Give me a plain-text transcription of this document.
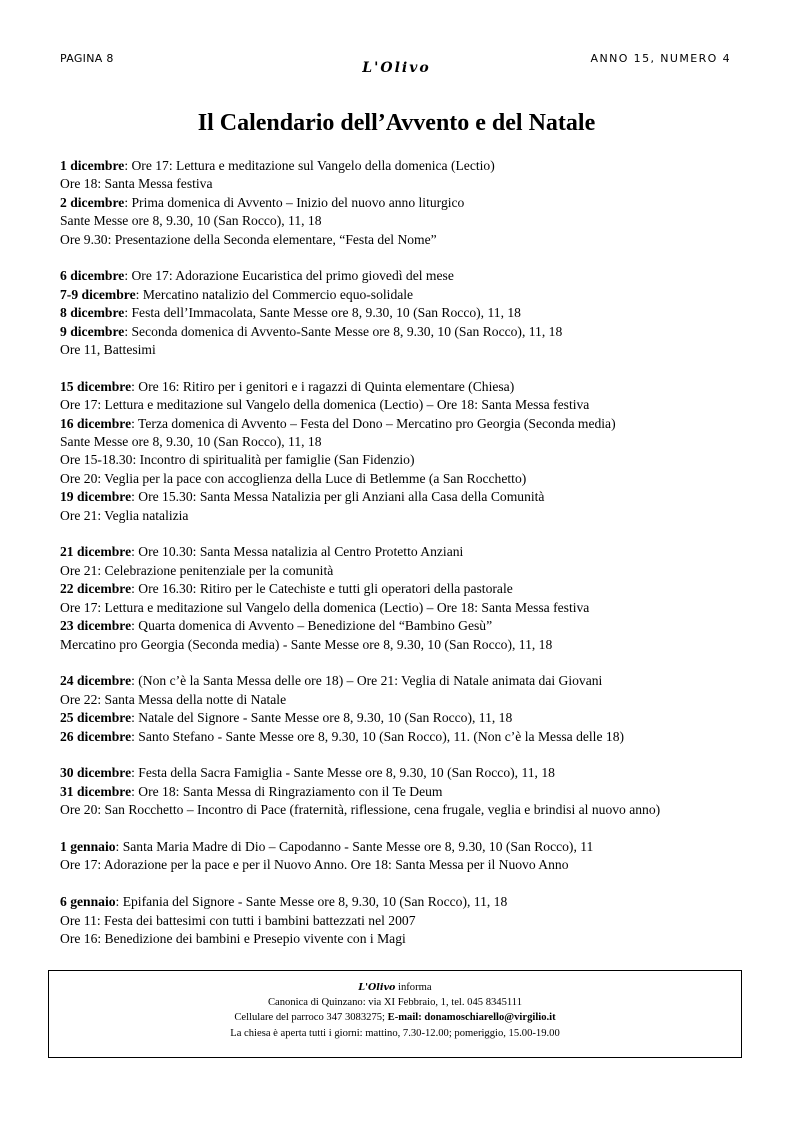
PAGINA 8
L'Olivo
ANNO 15, NUMERO 4
Il Calendario dell’Avvento e del Natale
1 dicembre: Ore 17: Lettura e meditazione sul Vangelo della domenica (Lectio)
Ore 18: Santa Messa festiva
2 dicembre: Prima domenica di Avvento – Inizio del nuovo anno liturgico
Sante Messe ore 8, 9.30, 10 (San Rocco), 11, 18
Ore 9.30: Presentazione della Seconda elementare, “Festa del Nome”
6 dicembre: Ore 17: Adorazione Eucaristica del primo giovedì del mese
7-9 dicembre: Mercatino natalizio del Commercio equo-solidale
8 dicembre: Festa dell’Immacolata, Sante Messe ore 8, 9.30, 10 (San Rocco), 11, 18
9 dicembre: Seconda domenica di Avvento-Sante Messe ore 8, 9.30, 10 (San Rocco), 11, 18
Ore 11, Battesimi
15 dicembre: Ore 16: Ritiro per i genitori e i ragazzi di Quinta elementare (Chiesa)
Ore 17: Lettura e meditazione sul Vangelo della domenica (Lectio) – Ore 18: Santa Messa festiva
16 dicembre: Terza domenica di Avvento – Festa del Dono – Mercatino pro Georgia (Seconda media)
Sante Messe ore 8, 9.30, 10 (San Rocco), 11, 18
Ore 15-18.30: Incontro di spiritualità per famiglie (San Fidenzio)
Ore 20: Veglia per la pace con accoglienza della Luce di Betlemme (a San Rocchetto)
19 dicembre: Ore 15.30: Santa Messa Natalizia per gli Anziani alla Casa della Comunità
Ore 21: Veglia natalizia
21 dicembre: Ore 10.30: Santa Messa natalizia al Centro Protetto Anziani
Ore 21: Celebrazione penitenziale per la comunità
22 dicembre: Ore 16.30: Ritiro per le Catechiste e tutti gli operatori della pastorale
Ore 17: Lettura e meditazione sul Vangelo della domenica (Lectio) – Ore 18: Santa Messa festiva
23 dicembre: Quarta domenica di Avvento – Benedizione del “Bambino Gesù”
Mercatino pro Georgia (Seconda media) - Sante Messe ore 8, 9.30, 10 (San Rocco), 11, 18
24 dicembre: (Non c’è la Santa Messa delle ore 18) – Ore 21: Veglia di Natale animata dai Giovani
Ore 22: Santa Messa della notte di Natale
25 dicembre: Natale del Signore - Sante Messe ore 8, 9.30, 10 (San Rocco), 11, 18
26 dicembre: Santo Stefano - Sante Messe ore 8, 9.30, 10 (San Rocco), 11. (Non c’è la Messa delle 18)
30 dicembre: Festa della Sacra Famiglia - Sante Messe ore 8, 9.30, 10 (San Rocco), 11, 18
31 dicembre: Ore 18: Santa Messa di Ringraziamento con il Te Deum
Ore 20: San Rocchetto – Incontro di Pace (fraternità, riflessione, cena frugale, veglia e brindisi al nuovo anno)
1 gennaio: Santa Maria Madre di Dio – Capodanno - Sante Messe ore 8, 9.30, 10 (San Rocco), 11
Ore 17: Adorazione per la pace e per il Nuovo Anno. Ore 18: Santa Messa per il Nuovo Anno
6 gennaio: Epifania del Signore - Sante Messe ore 8, 9.30, 10 (San Rocco), 11, 18
Ore 11: Festa dei battesimi con tutti i bambini battezzati nel 2007
Ore 16: Benedizione dei bambini e Presepio vivente con i Magi
L'Olivo informa
Canonica di Quinzano: via XI Febbraio, 1, tel. 045 8345111
Cellulare del parroco 347 3083275; E-mail: donamoschiarello@virgilio.it
La chiesa è aperta tutti i giorni: mattino, 7.30-12.00; pomeriggio, 15.00-19.00
